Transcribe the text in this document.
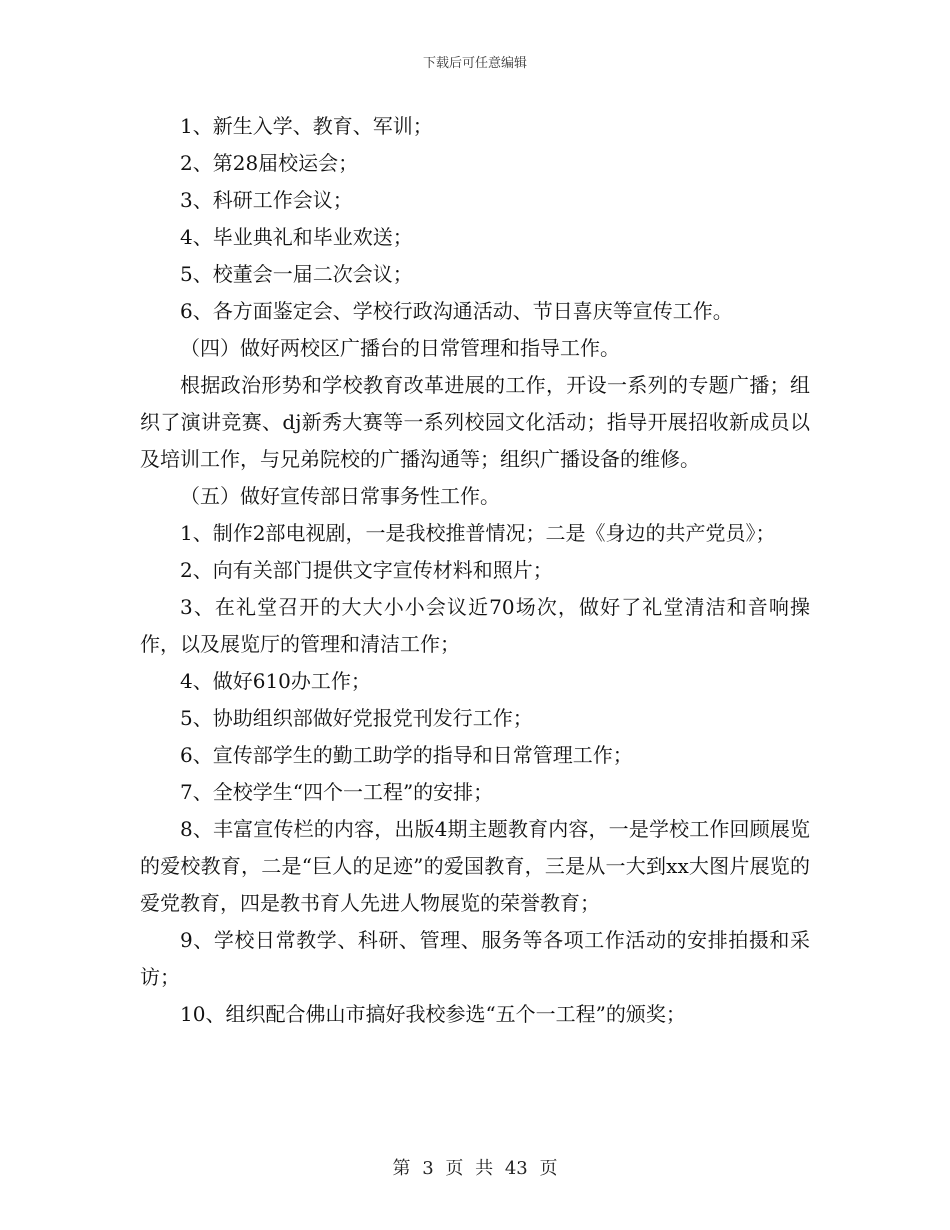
下载后可任意编辑

1、新生入学、教育、军训；

2、第28届校运会；

3、科研工作会议；

4、毕业典礼和毕业欢送；

5、校董会一届二次会议；

6、各方面鉴定会、学校行政沟通活动、节日喜庆等宣传工作。

（四）做好两校区广播台的日常管理和指导工作。

根据政治形势和学校教育改革进展的工作，开设一系列的专题广播；组织了演讲竞赛、dj新秀大赛等一系列校园文化活动；指导开展招收新成员以及培训工作，与兄弟院校的广播沟通等；组织广播设备的维修。

（五）做好宣传部日常事务性工作。

1、制作2部电视剧，一是我校推普情况；二是《身边的共产党员》；

2、向有关部门提供文字宣传材料和照片；

3、在礼堂召开的大大小小会议近70场次，做好了礼堂清洁和音响操作，以及展览厅的管理和清洁工作；

4、做好610办工作；

5、协助组织部做好党报党刊发行工作；

6、宣传部学生的勤工助学的指导和日常管理工作；

7、全校学生“四个一工程”的安排；

8、丰富宣传栏的内容，出版4期主题教育内容，一是学校工作回顾展览的爱校教育，二是“巨人的足迹”的爱国教育，三是从一大到xx大图片展览的爱党教育，四是教书育人先进人物展览的荣誉教育；

9、学校日常教学、科研、管理、服务等各项工作活动的安排拍摄和采访；

10、组织配合佛山市搞好我校参选“五个一工程”的颁奖；

第 3 页 共 43 页
